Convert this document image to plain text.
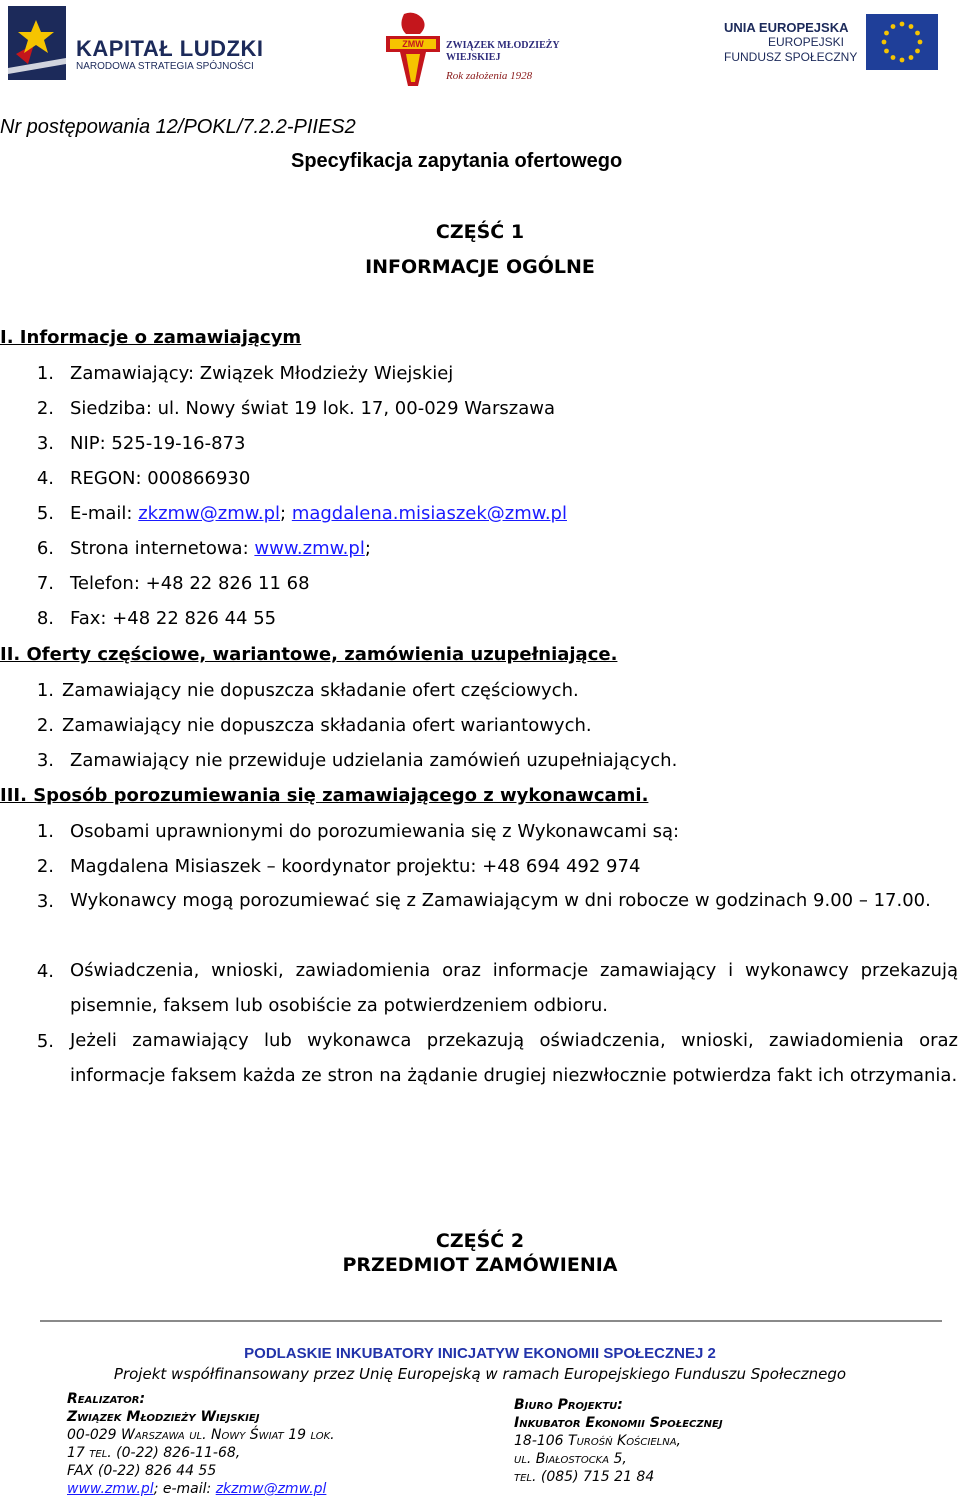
KAPITAŁ LUDZKI
NARODOWA STRATEGIA SPÓJNOŚCI
ZMW ZWIĄZEK MŁODZIEŻY
WIEJSKIEJ
Rok założenia 1928
UNIA EUROPEJSKA
EUROPEJSKI
FUNDUSZ SPOŁECZNY
Nr postępowania 12/POKL/7.2.2-PIIES2
Specyfikacja zapytania ofertowego
CZĘŚĆ 1
INFORMACJE OGÓLNE
I. Informacje o zamawiającym
1. Zamawiający: Związek Młodzieży Wiejskiej
2. Siedziba: ul. Nowy świat 19 lok. 17, 00-029 Warszawa
3. NIP: 525-19-16-873
4. REGON: 000866930
5. E-mail: zkzmw@zmw.pl; magdalena.misiaszek@zmw.pl
6. Strona internetowa: www.zmw.pl;
7. Telefon: +48 22 826 11 68
8. Fax: +48 22 826 44 55
II. Oferty częściowe, wariantowe, zamówienia uzupełniające.
1. Zamawiający nie dopuszcza składanie ofert częściowych.
2. Zamawiający nie dopuszcza składania ofert wariantowych.
3. Zamawiający nie przewiduje udzielania zamówień uzupełniających.
III. Sposób porozumiewania się zamawiającego z wykonawcami.
1. Osobami uprawnionymi do porozumiewania się z Wykonawcami są:
2. Magdalena Misiaszek – koordynator projektu: +48 694 492 974
3. Wykonawcy mogą porozumiewać się z Zamawiającym w dni robocze w godzinach 9.00 – 17.00.
4. Oświadczenia, wnioski, zawiadomienia oraz informacje zamawiający i wykonawcy przekazują pisemnie, faksem lub osobiście za potwierdzeniem odbioru.
5. Jeżeli zamawiający lub wykonawca przekazują oświadczenia, wnioski, zawiadomienia oraz informacje faksem każda ze stron na żądanie drugiej niezwłocznie potwierdza fakt ich otrzymania.
CZĘŚĆ 2
PRZEDMIOT ZAMÓWIENIA
PODLASKIE INKUBATORY INICJATYW EKONOMII SPOŁECZNEJ 2
Projekt współfinansowany przez Unię Europejską w ramach Europejskiego Funduszu Społecznego
Realizator:
Związek Młodzieży Wiejskiej
00-029 Warszawa ul. Nowy Świat 19 lok.
17 tel. (0-22) 826-11-68,
FAX (0-22) 826 44 55
www.zmw.pl; e-mail: zkzmw@zmw.pl
Biuro Projektu:
Inkubator Ekonomii Społecznej
18-106 Turośń Kościelna,
ul. Białostocka 5,
tel. (085) 715 21 84
